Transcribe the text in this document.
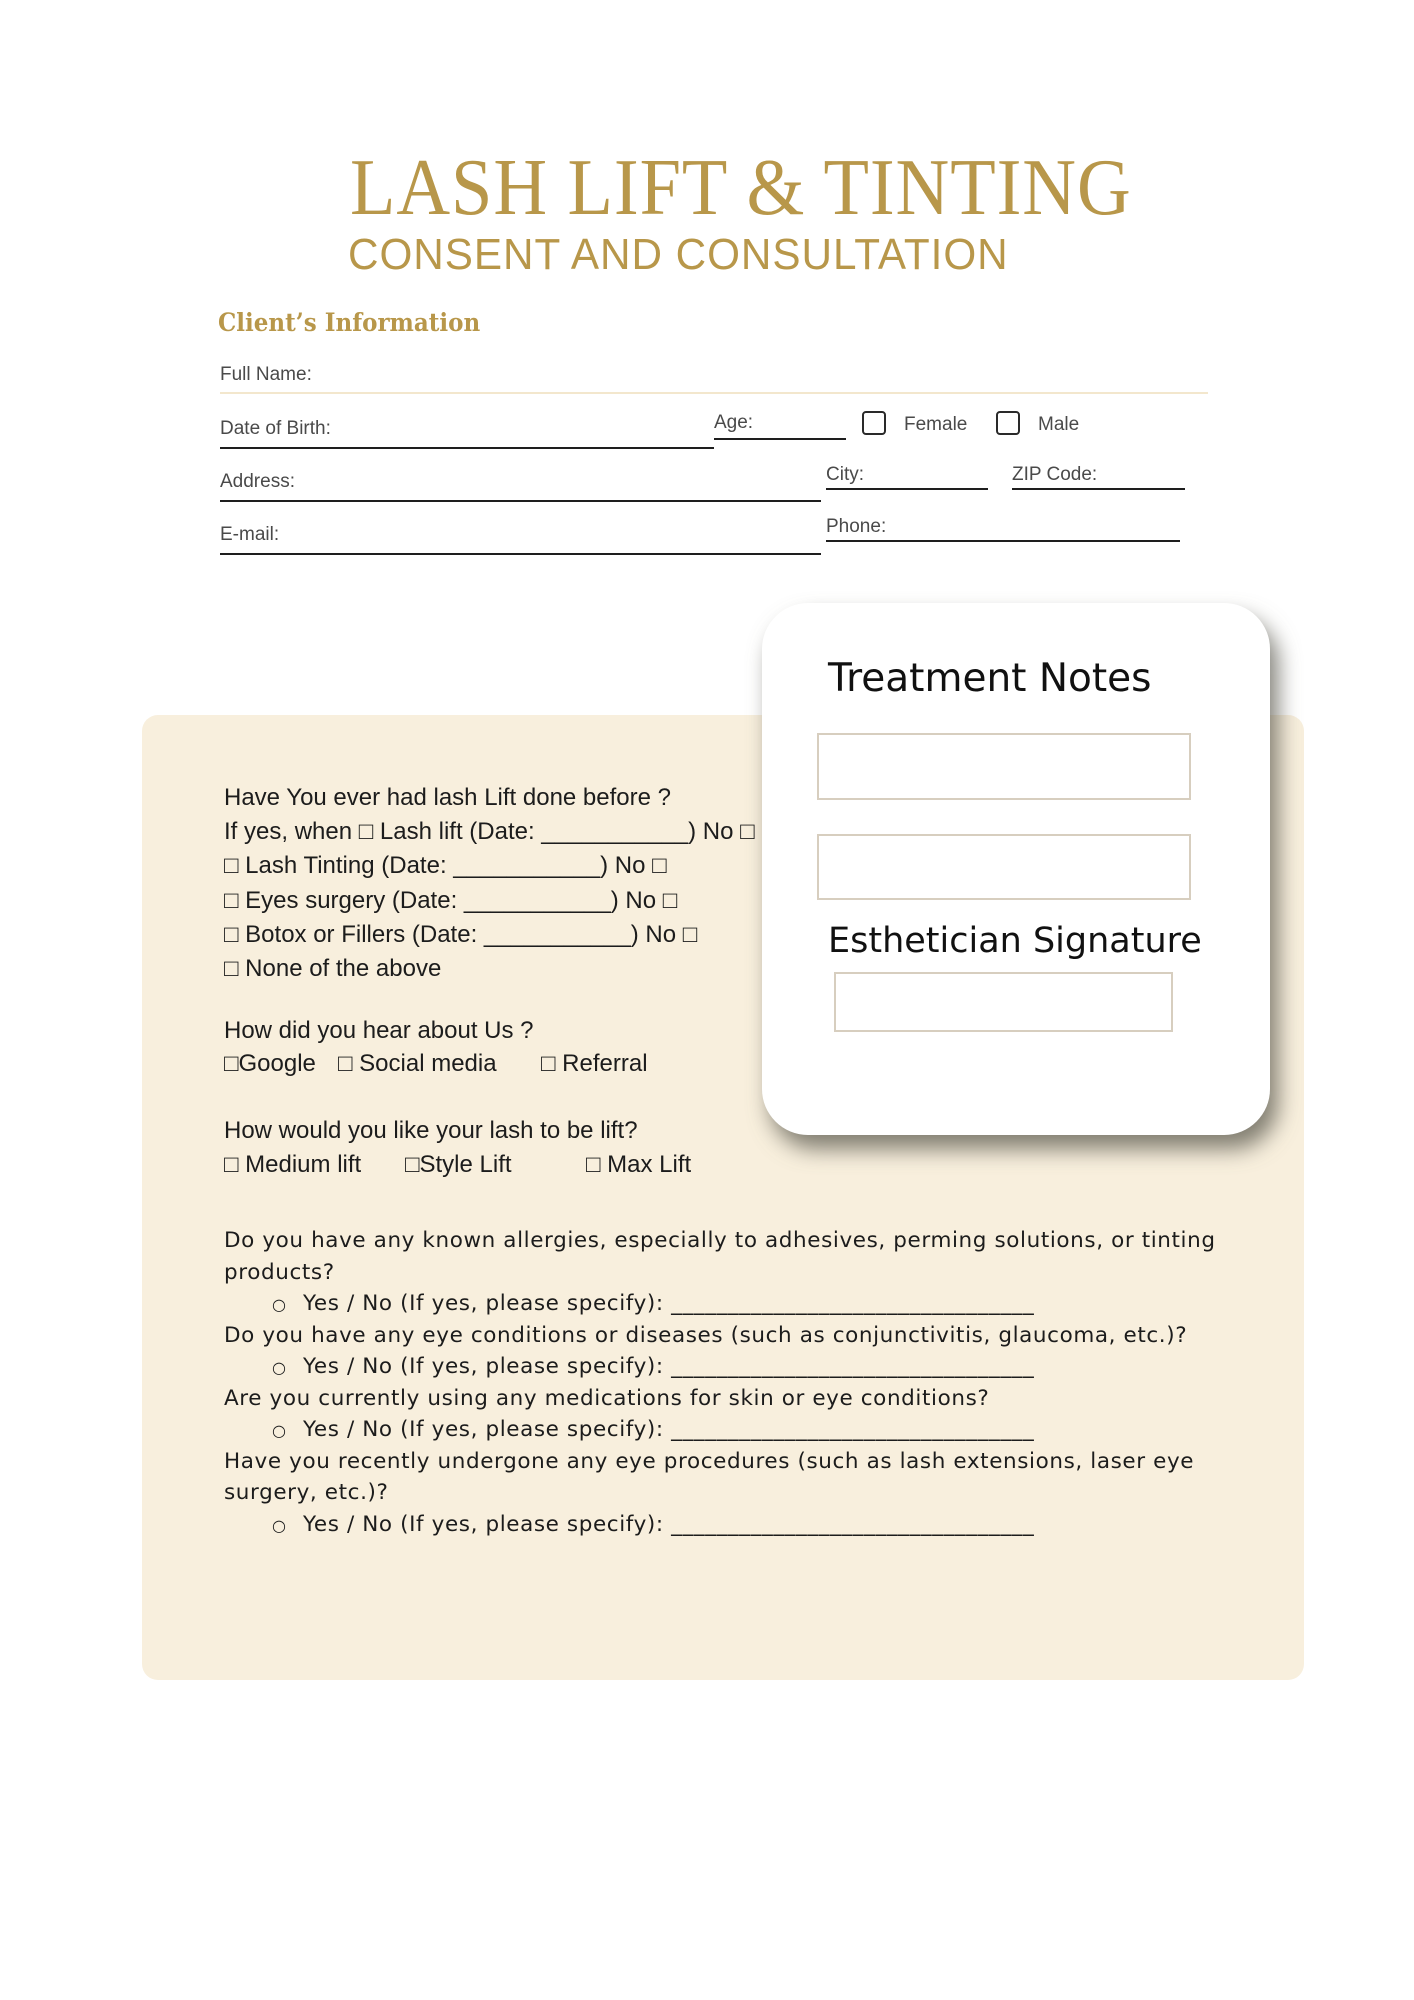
LASH LIFT & TINTING
CONSENT AND CONSULTATION
Client’s Information
Full Name:
Date of Birth:	Age:	Female	Male
Address:	City:	ZIP Code:
E-mail:	Phone:
Have You ever had lash Lift done before ?
If yes, when □ Lash lift (Date: ___________) No □
□ Lash Tinting (Date: ___________) No □
□ Eyes surgery (Date: ___________) No □
□ Botox or Fillers (Date: ___________) No □
□ None of the above
How did you hear about Us ?
□Google □ Social media □ Referral
How would you like your lash to be lift?
□ Medium lift □Style Lift	□ Max Lift
Do you have any known allergies, especially to adhesives, perming solutions, or tinting
products?
○ Yes / No (If yes, please specify): ________________________________
Do you have any eye conditions or diseases (such as conjunctivitis, glaucoma, etc.)?
○ Yes / No (If yes, please specify): ________________________________
Are you currently using any medications for skin or eye conditions?
○ Yes / No (If yes, please specify): ________________________________
Have you recently undergone any eye procedures (such as lash extensions, laser eye
surgery, etc.)?
○ Yes / No (If yes, please specify): ________________________________
Treatment Notes
Esthetician Signature
